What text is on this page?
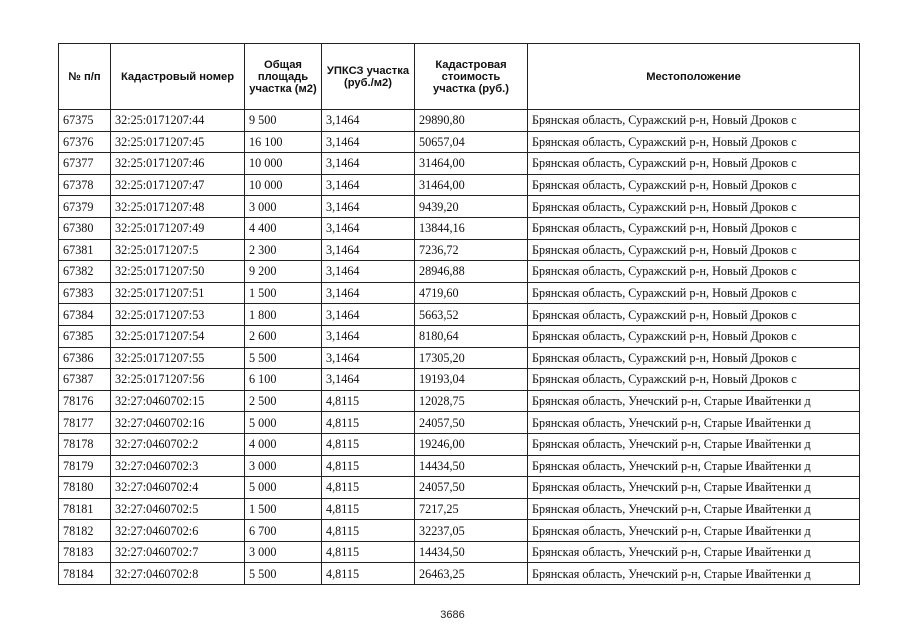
№ п/п	Кадастровый номер	Общая площадь участка (м2)	УПКСЗ участка (руб./м2)	Кадастровая стоимость участка (руб.)	Местоположение
67375	32:25:0171207:44	9 500	3,1464	29890,80	Брянская область, Суражский р-н, Новый Дроков с
67376	32:25:0171207:45	16 100	3,1464	50657,04	Брянская область, Суражский р-н, Новый Дроков с
67377	32:25:0171207:46	10 000	3,1464	31464,00	Брянская область, Суражский р-н, Новый Дроков с
67378	32:25:0171207:47	10 000	3,1464	31464,00	Брянская область, Суражский р-н, Новый Дроков с
67379	32:25:0171207:48	3 000	3,1464	9439,20	Брянская область, Суражский р-н, Новый Дроков с
67380	32:25:0171207:49	4 400	3,1464	13844,16	Брянская область, Суражский р-н, Новый Дроков с
67381	32:25:0171207:5	2 300	3,1464	7236,72	Брянская область, Суражский р-н, Новый Дроков с
67382	32:25:0171207:50	9 200	3,1464	28946,88	Брянская область, Суражский р-н, Новый Дроков с
67383	32:25:0171207:51	1 500	3,1464	4719,60	Брянская область, Суражский р-н, Новый Дроков с
67384	32:25:0171207:53	1 800	3,1464	5663,52	Брянская область, Суражский р-н, Новый Дроков с
67385	32:25:0171207:54	2 600	3,1464	8180,64	Брянская область, Суражский р-н, Новый Дроков с
67386	32:25:0171207:55	5 500	3,1464	17305,20	Брянская область, Суражский р-н, Новый Дроков с
67387	32:25:0171207:56	6 100	3,1464	19193,04	Брянская область, Суражский р-н, Новый Дроков с
78176	32:27:0460702:15	2 500	4,8115	12028,75	Брянская область, Унечский р-н, Старые Ивайтенки д
78177	32:27:0460702:16	5 000	4,8115	24057,50	Брянская область, Унечский р-н, Старые Ивайтенки д
78178	32:27:0460702:2	4 000	4,8115	19246,00	Брянская область, Унечский р-н, Старые Ивайтенки д
78179	32:27:0460702:3	3 000	4,8115	14434,50	Брянская область, Унечский р-н, Старые Ивайтенки д
78180	32:27:0460702:4	5 000	4,8115	24057,50	Брянская область, Унечский р-н, Старые Ивайтенки д
78181	32:27:0460702:5	1 500	4,8115	7217,25	Брянская область, Унечский р-н, Старые Ивайтенки д
78182	32:27:0460702:6	6 700	4,8115	32237,05	Брянская область, Унечский р-н, Старые Ивайтенки д
78183	32:27:0460702:7	3 000	4,8115	14434,50	Брянская область, Унечский р-н, Старые Ивайтенки д
78184	32:27:0460702:8	5 500	4,8115	26463,25	Брянская область, Унечский р-н, Старые Ивайтенки д
3686
